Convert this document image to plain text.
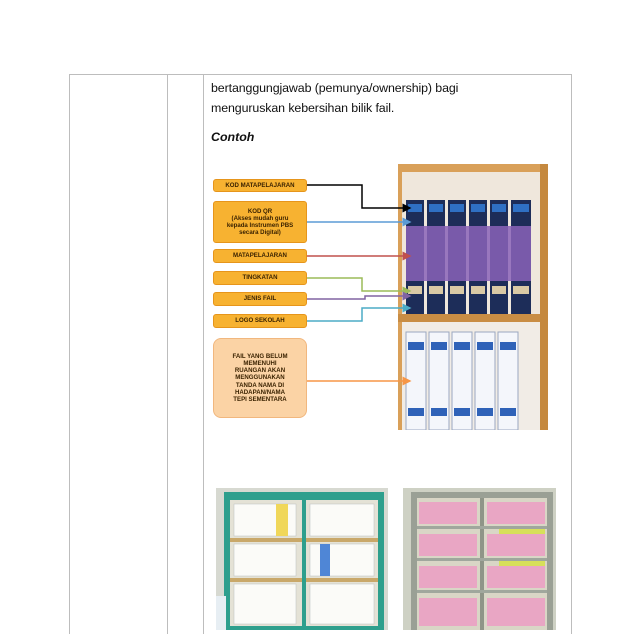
bertanggungjawab (pemunya/ownership) bagi
menguruskan kebersihan bilik fail.
Contoh
KOD MATAPELAJARAN
KOD QR
(Akses mudah guru
kepada Instrumen PBS
secara Digital)
MATAPELAJARAN
TINGKATAN
JENIS FAIL
LOGO SEKOLAH
FAIL YANG BELUM
MEMENUHI
RUANGAN AKAN
MENGGUNAKAN
TANDA NAMA DI
HADAPAN/NAMA
TEPI SEMENTARA
